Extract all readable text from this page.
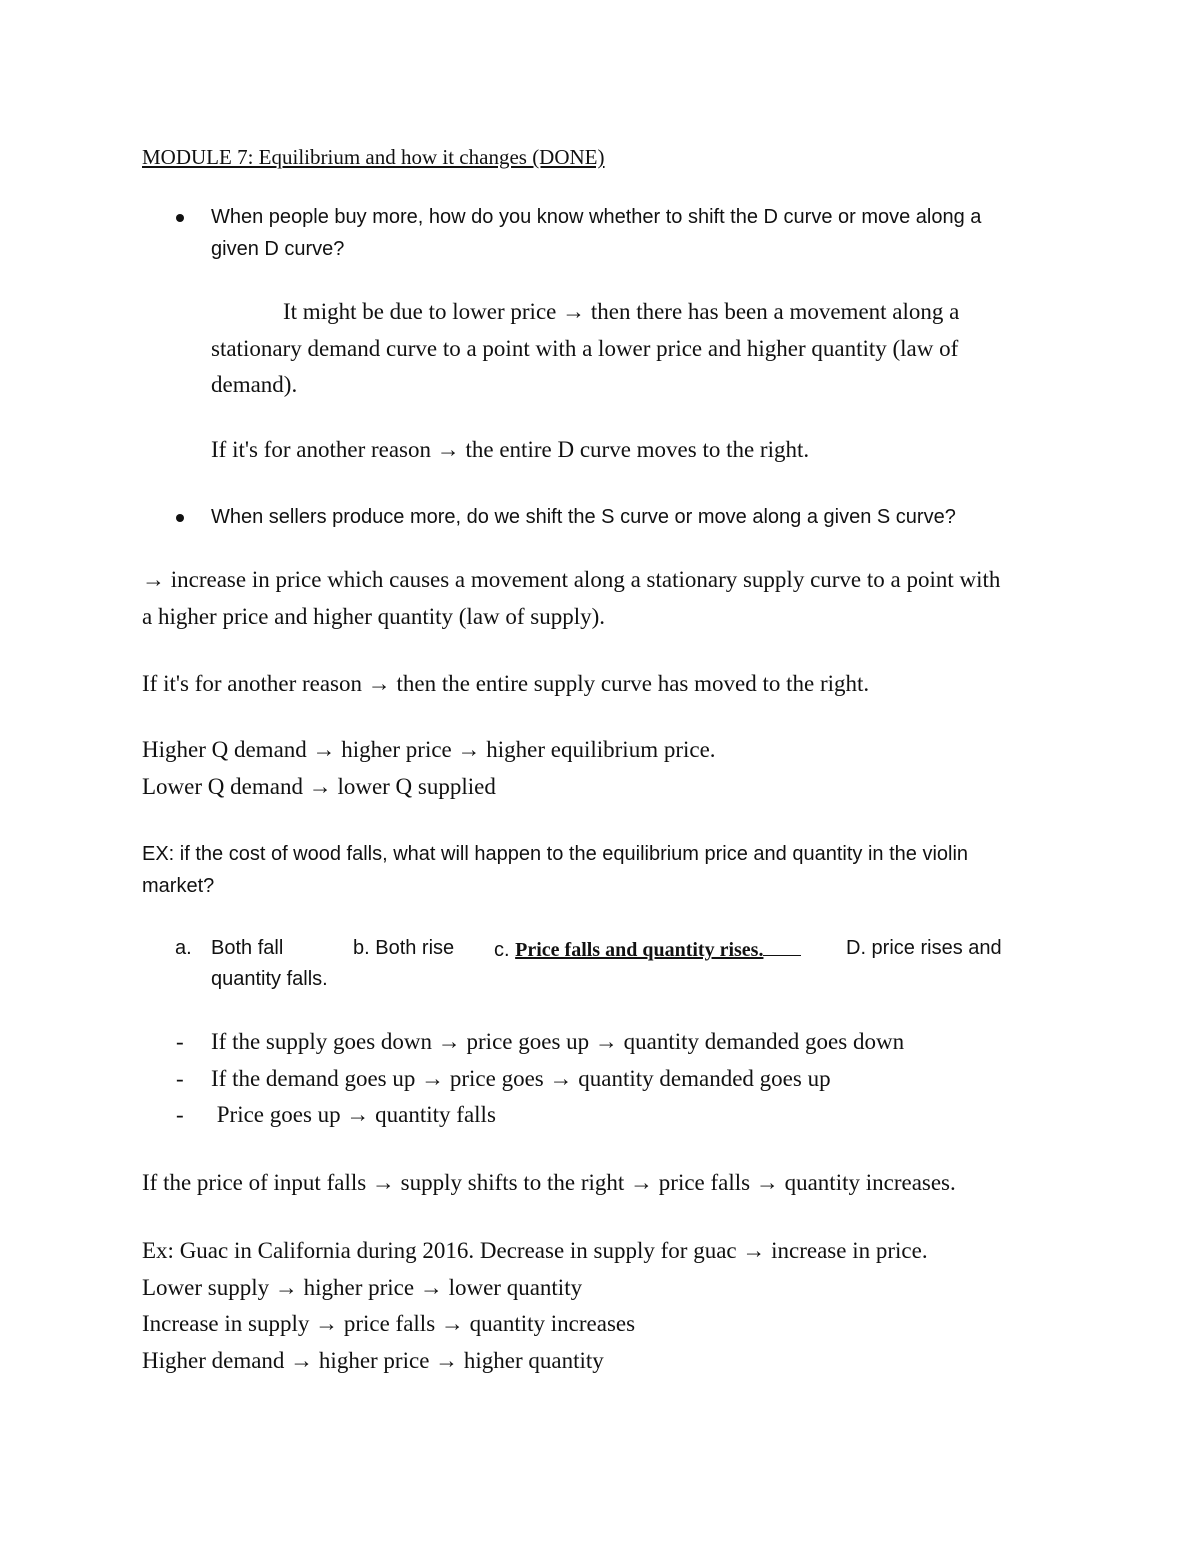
MODULE 7: Equilibrium and how it changes (DONE)
When people buy more, how do you know whether to shift the D curve or move along a
given D curve?
It might be due to lower price → then there has been a movement along a
stationary demand curve to a point with a lower price and higher quantity (law of
demand).
If it's for another reason → the entire D curve moves to the right.
When sellers produce more, do we shift the S curve or move along a given S curve?
→ increase in price which causes a movement along a stationary supply curve to a point with
a higher price and higher quantity (law of supply).
If it's for another reason → then the entire supply curve has moved to the right.
Higher Q demand → higher price → higher equilibrium price.
Lower Q demand → lower Q supplied
EX: if the cost of wood falls, what will happen to the equilibrium price and quantity in the violin
market?
a. Both fall	b. Both rise c. Price falls and quantity rises.	D. price rises and
quantity falls.
- If the supply goes down → price goes up → quantity demanded goes down
- If the demand goes up → price goes → quantity demanded goes up
- Price goes up → quantity falls
If the price of input falls → supply shifts to the right → price falls → quantity increases.
Ex: Guac in California during 2016. Decrease in supply for guac → increase in price.
Lower supply → higher price → lower quantity
Increase in supply → price falls → quantity increases
Higher demand → higher price → higher quantity
